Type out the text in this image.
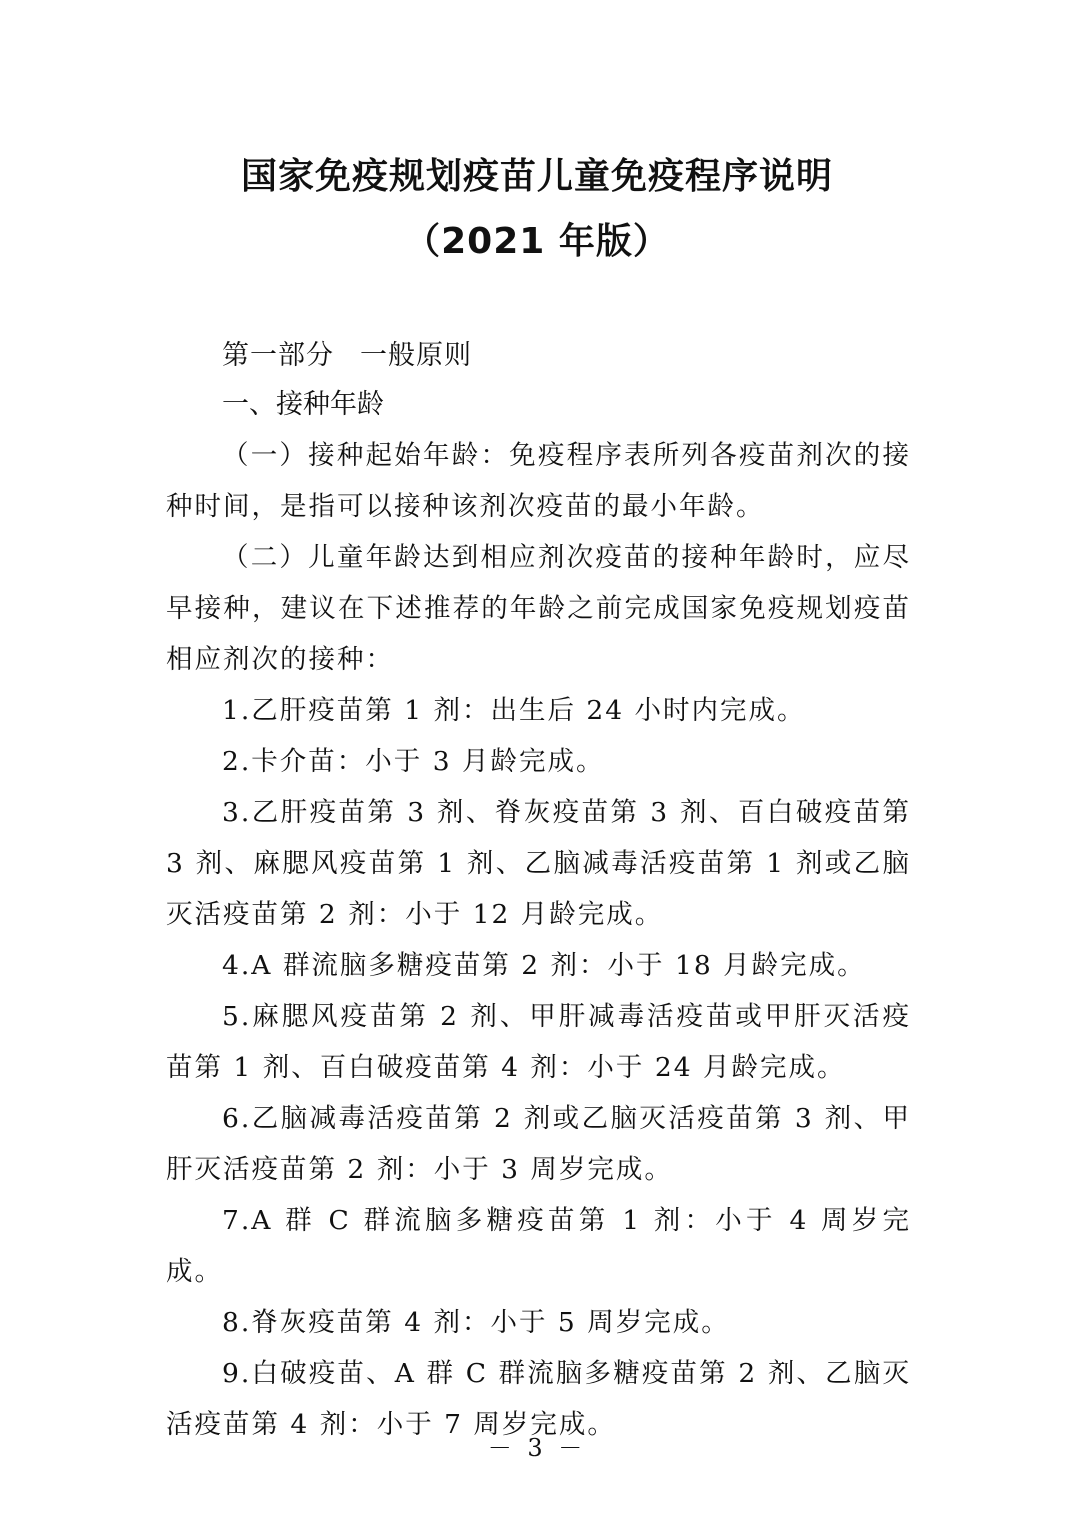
国家免疫规划疫苗儿童免疫程序说明
（2021 年版）
第一部分 一般原则
一、接种年龄

（一）接种起始年龄：免疫程序表所列各疫苗剂次的接种时间，是指可以接种该剂次疫苗的最小年龄。

（二）儿童年龄达到相应剂次疫苗的接种年龄时，应尽早接种，建议在下述推荐的年龄之前完成国家免疫规划疫苗相应剂次的接种：

1.乙肝疫苗第 1 剂：出生后 24 小时内完成。

2.卡介苗：小于 3 月龄完成。

3.乙肝疫苗第 3 剂、脊灰疫苗第 3 剂、百白破疫苗第 3 剂、麻腮风疫苗第 1 剂、乙脑减毒活疫苗第 1 剂或乙脑灭活疫苗第 2 剂：小于 12 月龄完成。

4.A 群流脑多糖疫苗第 2 剂：小于 18 月龄完成。

5.麻腮风疫苗第 2 剂、甲肝减毒活疫苗或甲肝灭活疫苗第 1 剂、百白破疫苗第 4 剂：小于 24 月龄完成。

6.乙脑减毒活疫苗第 2 剂或乙脑灭活疫苗第 3 剂、甲肝灭活疫苗第 2 剂：小于 3 周岁完成。

7.A 群 C 群流脑多糖疫苗第 1 剂：小于 4 周岁完成。

8.脊灰疫苗第 4 剂：小于 5 周岁完成。

9.白破疫苗、A 群 C 群流脑多糖疫苗第 2 剂、乙脑灭活疫苗第 4 剂：小于 7 周岁完成。

－ 3 －
